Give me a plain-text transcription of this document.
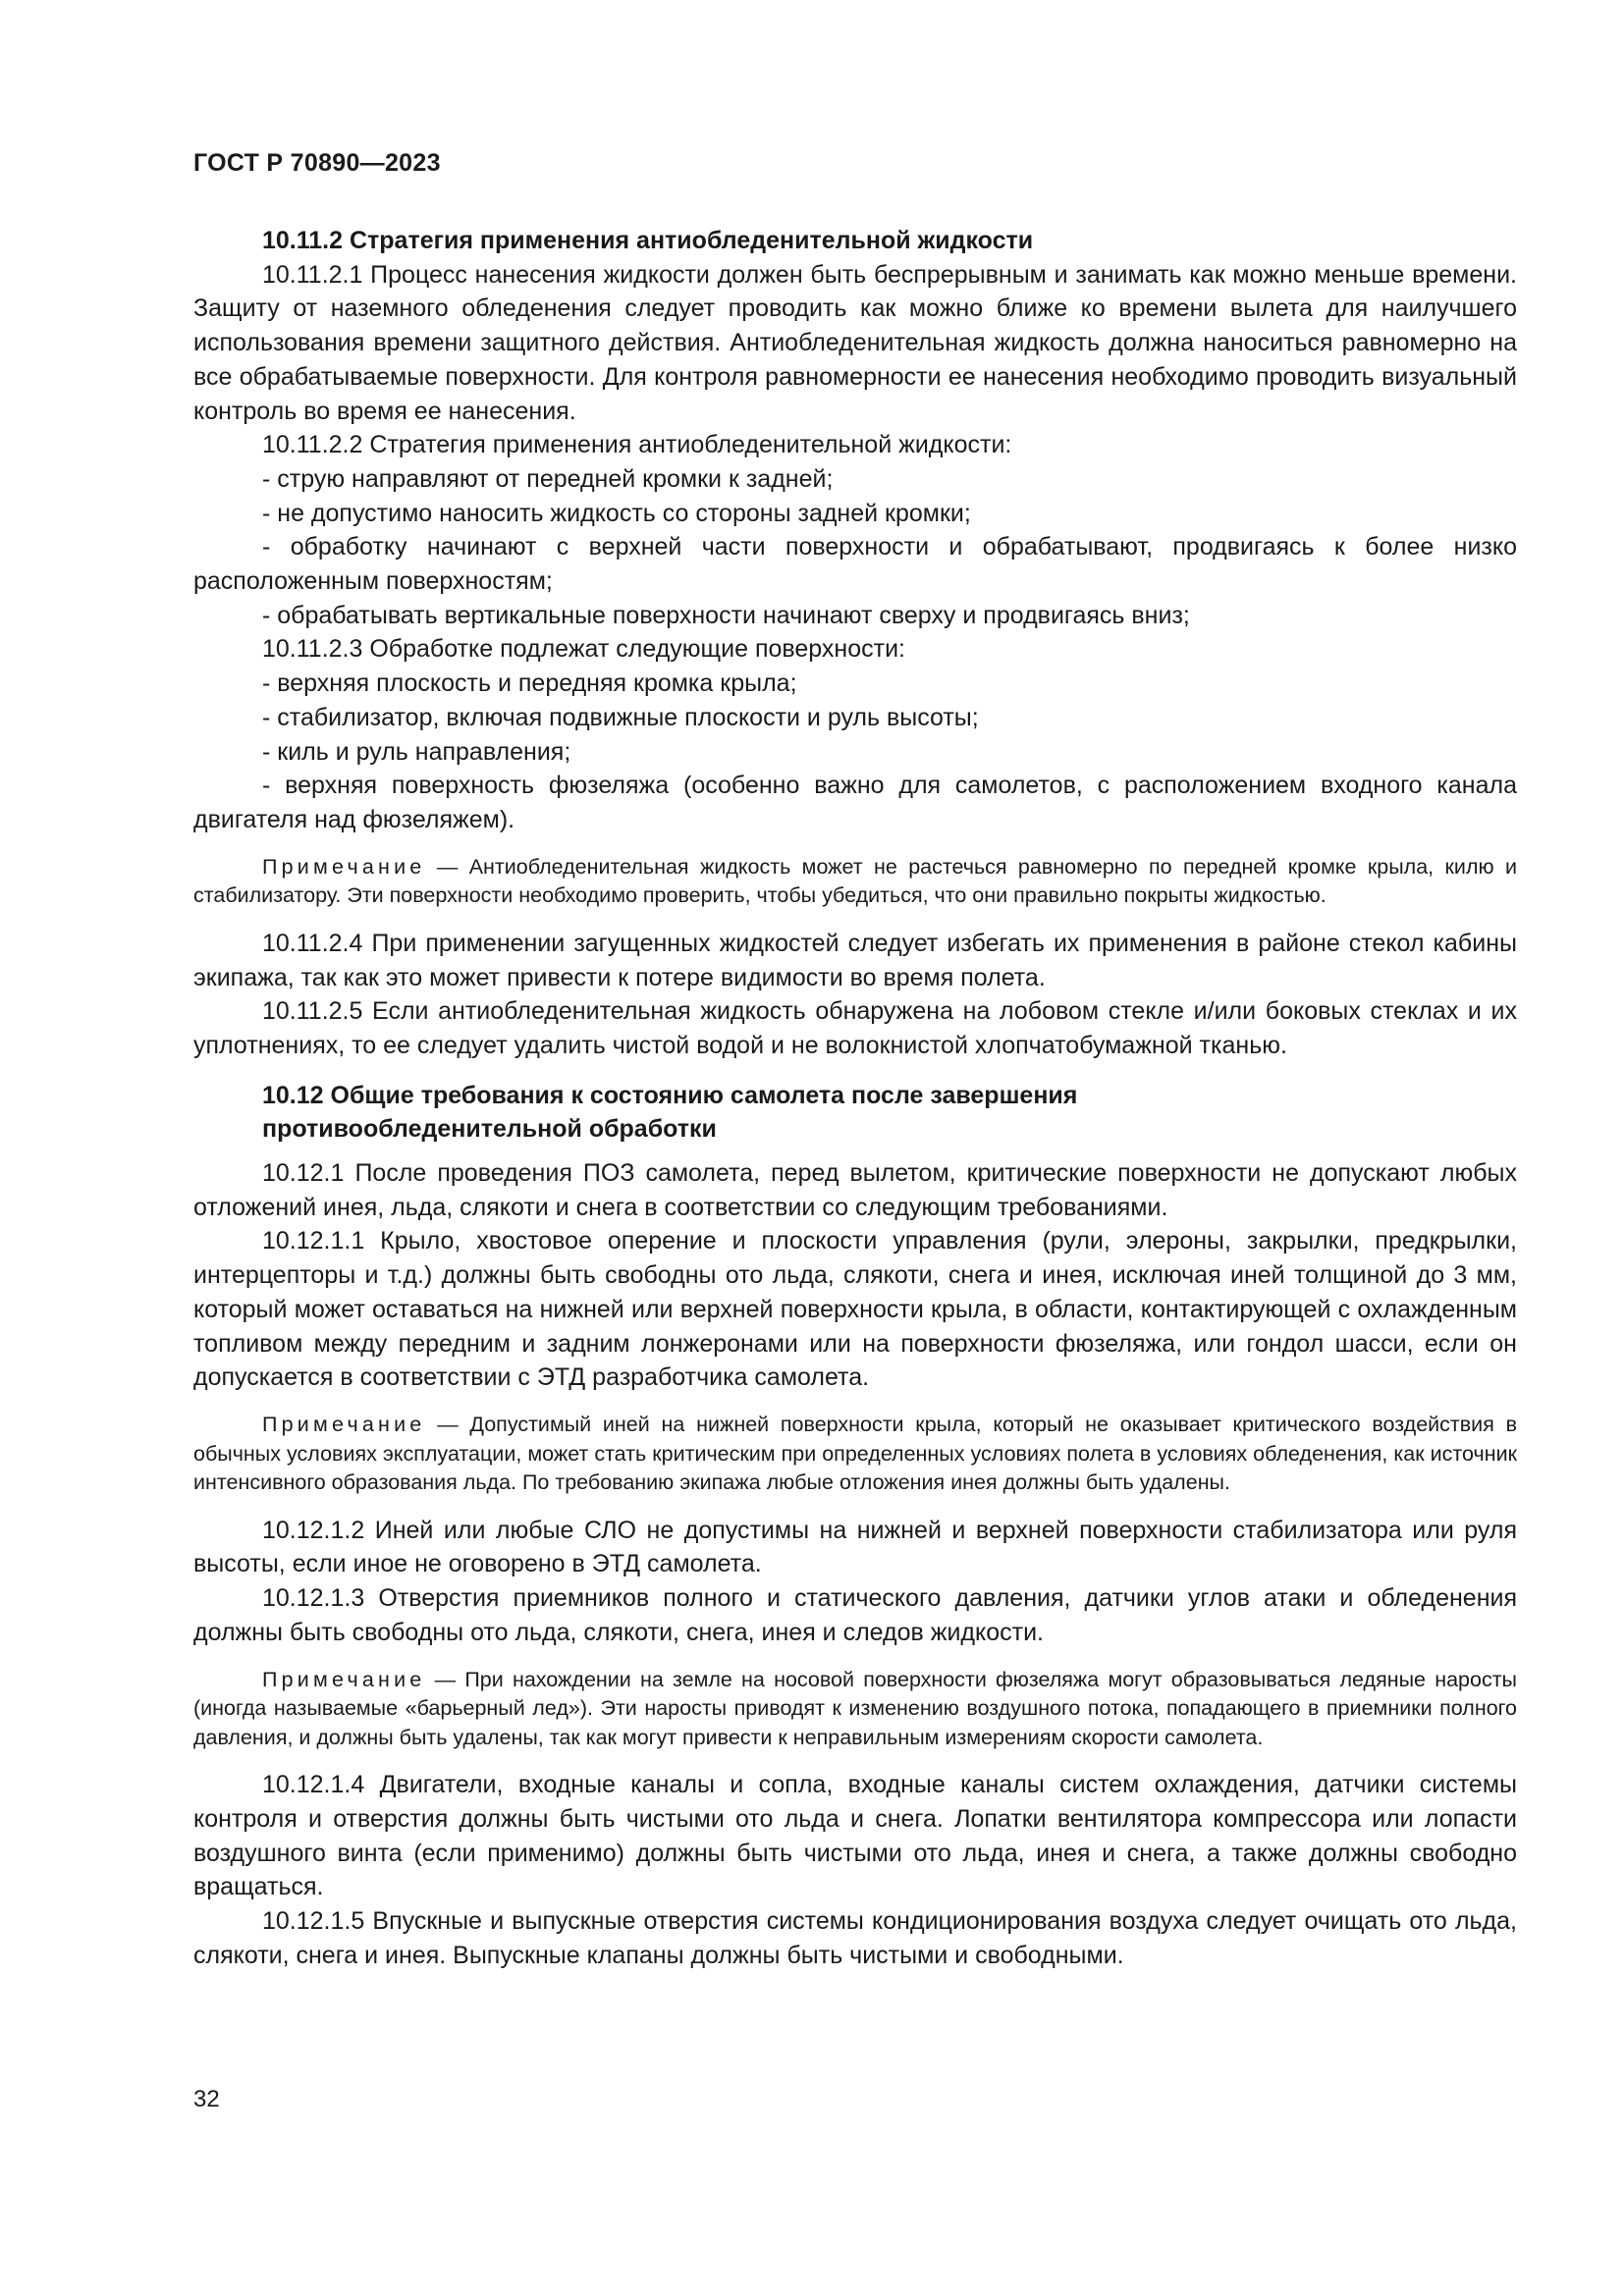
ГОСТ Р 70890—2023

10.11.2 Стратегия применения антиобледенительной жидкости

10.11.2.1 Процесс нанесения жидкости должен быть беспрерывным и занимать как можно меньше времени. Защиту от наземного обледенения следует проводить как можно ближе ко времени вылета для наилучшего использования времени защитного действия. Антиобледенительная жидкость должна наноситься равномерно на все обрабатываемые поверхности. Для контроля равномерности ее нанесения необходимо проводить визуальный контроль во время ее нанесения.

10.11.2.2 Стратегия применения антиобледенительной жидкости:

- струю направляют от передней кромки к задней;

- не допустимо наносить жидкость со стороны задней кромки;

- обработку начинают с верхней части поверхности и обрабатывают, продвигаясь к более низко расположенным поверхностям;

- обрабатывать вертикальные поверхности начинают сверху и продвигаясь вниз;

10.11.2.3 Обработке подлежат следующие поверхности:

- верхняя плоскость и передняя кромка крыла;

- стабилизатор, включая подвижные плоскости и руль высоты;

- киль и руль направления;

- верхняя поверхность фюзеляжа (особенно важно для самолетов, с расположением входного канала двигателя над фюзеляжем).

Примечание — Антиобледенительная жидкость может не растечься равномерно по передней кромке крыла, килю и стабилизатору. Эти поверхности необходимо проверить, чтобы убедиться, что они правильно покрыты жидкостью.

10.11.2.4 При применении загущенных жидкостей следует избегать их применения в районе стекол кабины экипажа, так как это может привести к потере видимости во время полета.

10.11.2.5 Если антиобледенительная жидкость обнаружена на лобовом стекле и/или боковых стеклах и их уплотнениях, то ее следует удалить чистой водой и не волокнистой хлопчатобумажной тканью.

10.12 Общие требования к состоянию самолета после завершения

противообледенительной обработки

10.12.1 После проведения ПОЗ самолета, перед вылетом, критические поверхности не допускают любых отложений инея, льда, слякоти и снега в соответствии со следующим требованиями.

10.12.1.1 Крыло, хвостовое оперение и плоскости управления (рули, элероны, закрылки, предкрылки, интерцепторы и т.д.) должны быть свободны ото льда, слякоти, снега и инея, исключая иней толщиной до 3 мм, который может оставаться на нижней или верхней поверхности крыла, в области, контактирующей с охлажденным топливом между передним и задним лонжеронами или на поверхности фюзеляжа, или гондол шасси, если он допускается в соответствии с ЭТД разработчика самолета.

Примечание — Допустимый иней на нижней поверхности крыла, который не оказывает критического воздействия в обычных условиях эксплуатации, может стать критическим при определенных условиях полета в условиях обледенения, как источник интенсивного образования льда. По требованию экипажа любые отложения инея должны быть удалены.

10.12.1.2 Иней или любые СЛО не допустимы на нижней и верхней поверхности стабилизатора или руля высоты, если иное не оговорено в ЭТД самолета.

10.12.1.3 Отверстия приемников полного и статического давления, датчики углов атаки и обледенения должны быть свободны ото льда, слякоти, снега, инея и следов жидкости.

Примечание — При нахождении на земле на носовой поверхности фюзеляжа могут образовываться ледяные наросты (иногда называемые «барьерный лед»). Эти наросты приводят к изменению воздушного потока, попадающего в приемники полного давления, и должны быть удалены, так как могут привести к неправильным измерениям скорости самолета.

10.12.1.4 Двигатели, входные каналы и сопла, входные каналы систем охлаждения, датчики системы контроля и отверстия должны быть чистыми ото льда и снега. Лопатки вентилятора компрессора или лопасти воздушного винта (если применимо) должны быть чистыми ото льда, инея и снега, а также должны свободно вращаться.

10.12.1.5 Впускные и выпускные отверстия системы кондиционирования воздуха следует очищать ото льда, слякоти, снега и инея. Выпускные клапаны должны быть чистыми и свободными.

32
